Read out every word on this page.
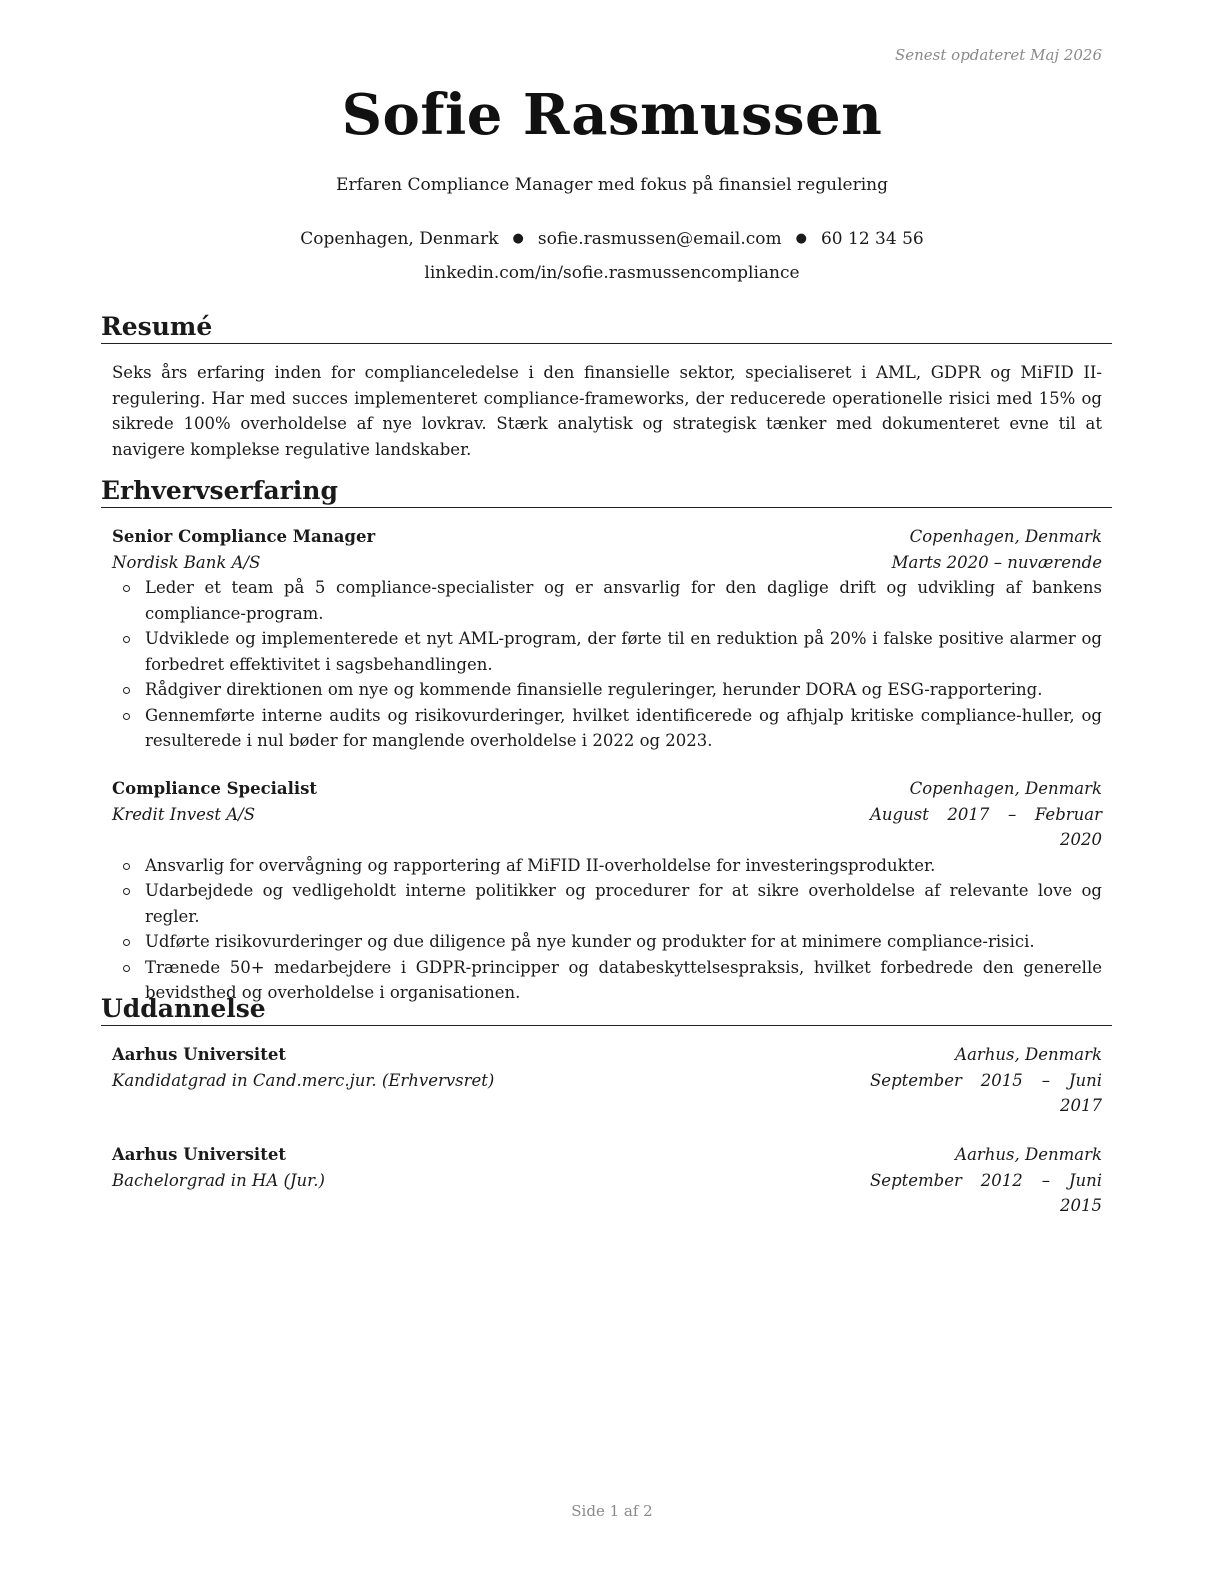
Senest opdateret Maj 2026
Sofie Rasmussen
Erfaren Compliance Manager med fokus på finansiel regulering
Copenhagen, Denmark ● sofie.rasmussen@email.com ● 60 12 34 56
linkedin.com/in/sofie.rasmussencompliance
Resumé
Seks års erfaring inden for complianceledelse i den finansielle sektor, specialiseret i AML, GDPR og MiFID II-regulering. Har med succes implementeret compliance-frameworks, der reducerede operationelle risici med 15% og sikrede 100% overholdelse af nye lovkrav. Stærk analytisk og strategisk tænker med dokumenteret evne til at navigere komplekse regulative landskaber.
Erhvervserfaring
Senior Compliance Manager	Copenhagen, Denmark
Nordisk Bank A/S	Marts 2020 – nuværende
Leder et team på 5 compliance-specialister og er ansvarlig for den daglige drift og udvikling af bankens compliance-program.
Udviklede og implementerede et nyt AML-program, der førte til en reduktion på 20% i falske positive alarmer og forbedret effektivitet i sagsbehandlingen.
Rådgiver direktionen om nye og kommende finansielle reguleringer, herunder DORA og ESG-rapportering.
Gennemførte interne audits og risikovurderinger, hvilket identificerede og afhjalp kritiske compliance-huller, og resulterede i nul bøder for manglende overholdelse i 2022 og 2023.
Compliance Specialist	Copenhagen, Denmark
Kredit Invest A/S	August 2017 – Februar 2020
Ansvarlig for overvågning og rapportering af MiFID II-overholdelse for investeringsprodukter.
Udarbejdede og vedligeholdt interne politikker og procedurer for at sikre overholdelse af relevante love og regler.
Udførte risikovurderinger og due diligence på nye kunder og produkter for at minimere compliance-risici.
Trænede 50+ medarbejdere i GDPR-principper og databeskyttelsespraksis, hvilket forbedrede den generelle bevidsthed og overholdelse i organisationen.
Uddannelse
Aarhus Universitet	Aarhus, Denmark
Kandidatgrad in Cand.merc.jur. (Erhvervsret)	September 2015 – Juni 2017
Aarhus Universitet	Aarhus, Denmark
Bachelorgrad in HA (Jur.)	September 2012 – Juni 2015
Side 1 af 2
